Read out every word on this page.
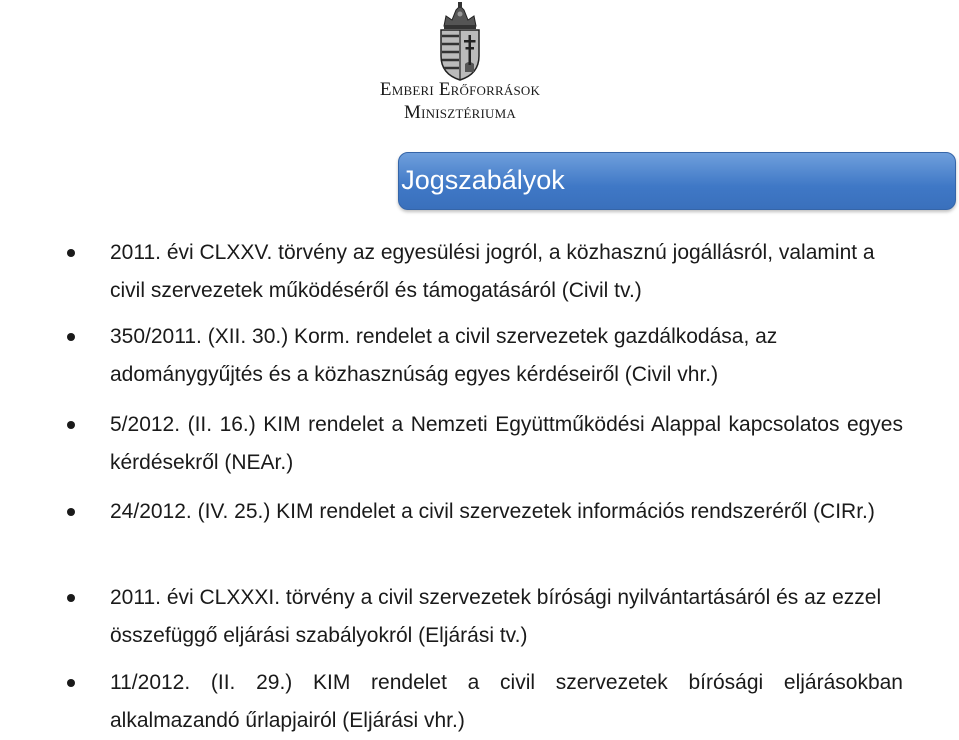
Emberi Erőforrások
Minisztériuma
Jogszabályok
2011. évi CLXXV. törvény az egyesülési jogról, a közhasznú jogállásról, valamint a civil szervezetek működéséről és támogatásáról (Civil tv.)
350/2011. (XII. 30.) Korm. rendelet a civil szervezetek gazdálkodása, az adománygyűjtés és a közhasznúság egyes kérdéseiről (Civil vhr.)
5/2012. (II. 16.) KIM rendelet a Nemzeti Együttműködési Alappal kapcsolatos egyes kérdésekről (NEAr.)
24/2012. (IV. 25.) KIM rendelet a civil szervezetek információs rendszeréről (CIRr.)
2011. évi CLXXXI. törvény a civil szervezetek bírósági nyilvántartásáról és az ezzel összefüggő eljárási szabályokról (Eljárási tv.)
11/2012. (II. 29.) KIM rendelet a civil szervezetek bírósági eljárásokban alkalmazandó űrlapjairól (Eljárási vhr.)
